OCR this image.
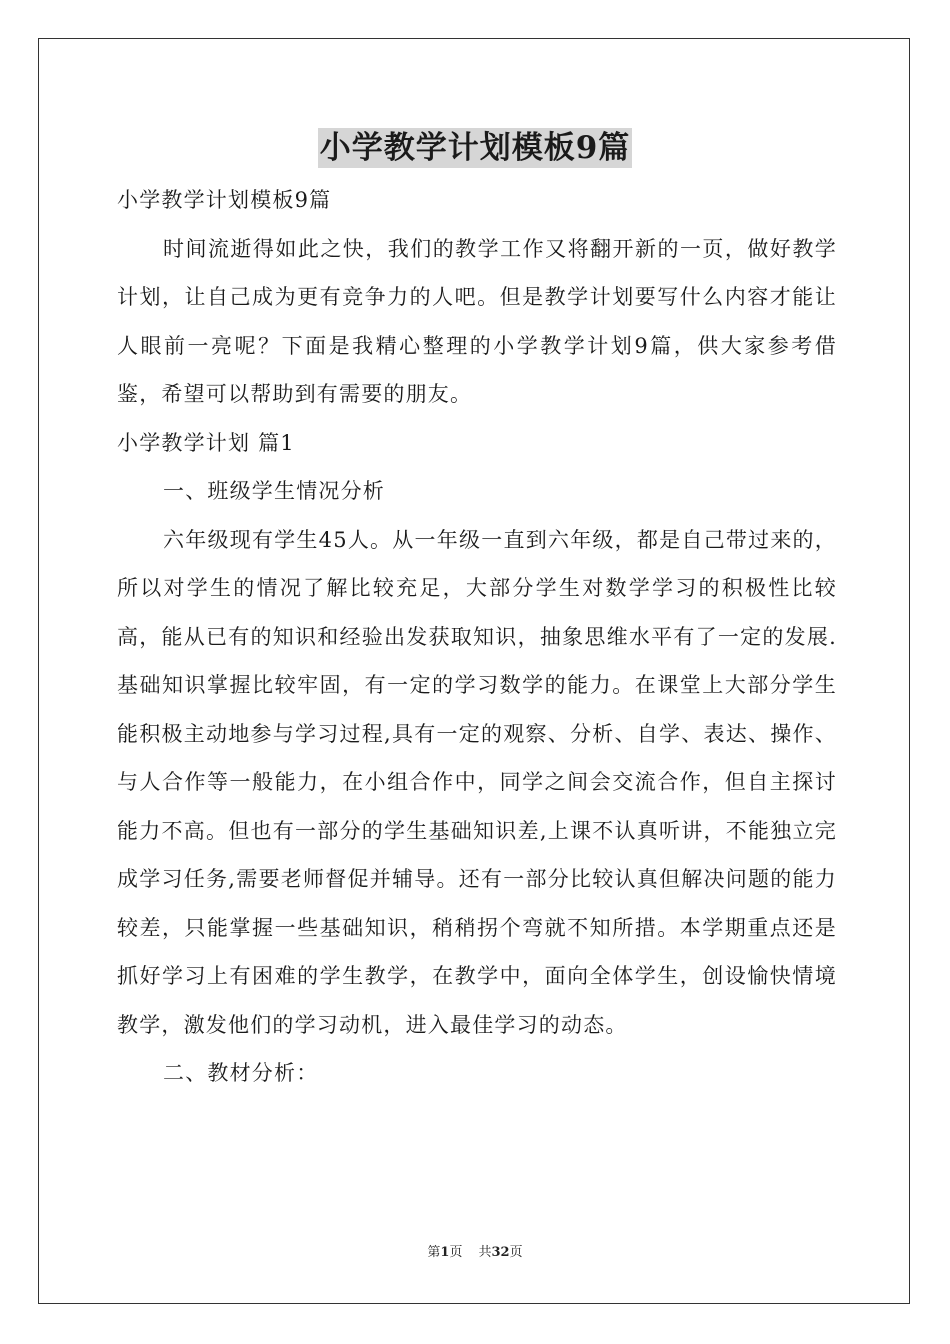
小学教学计划模板9篇

小学教学计划模板9篇

时间流逝得如此之快，我们的教学工作又将翻开新的一页，做好教学计划，让自己成为更有竞争力的人吧。但是教学计划要写什么内容才能让人眼前一亮呢？下面是我精心整理的小学教学计划9篇，供大家参考借鉴，希望可以帮助到有需要的朋友。

小学教学计划 篇1

一、班级学生情况分析

六年级现有学生45人。从一年级一直到六年级，都是自己带过来的，所以对学生的情况了解比较充足，大部分学生对数学学习的积极性比较高，能从已有的知识和经验出发获取知识，抽象思维水平有了一定的发展. 基础知识掌握比较牢固，有一定的学习数学的能力。在课堂上大部分学生能积极主动地参与学习过程,具有一定的观察、分析、自学、表达、操作、与人合作等一般能力，在小组合作中，同学之间会交流合作，但自主探讨能力不高。但也有一部分的学生基础知识差,上课不认真听讲，不能独立完成学习任务,需要老师督促并辅导。还有一部分比较认真但解决问题的能力较差，只能掌握一些基础知识，稍稍拐个弯就不知所措。本学期重点还是抓好学习上有困难的学生教学，在教学中，面向全体学生，创设愉快情境教学，激发他们的学习动机，进入最佳学习的动态。

二、教材分析：

第1页 共32页
